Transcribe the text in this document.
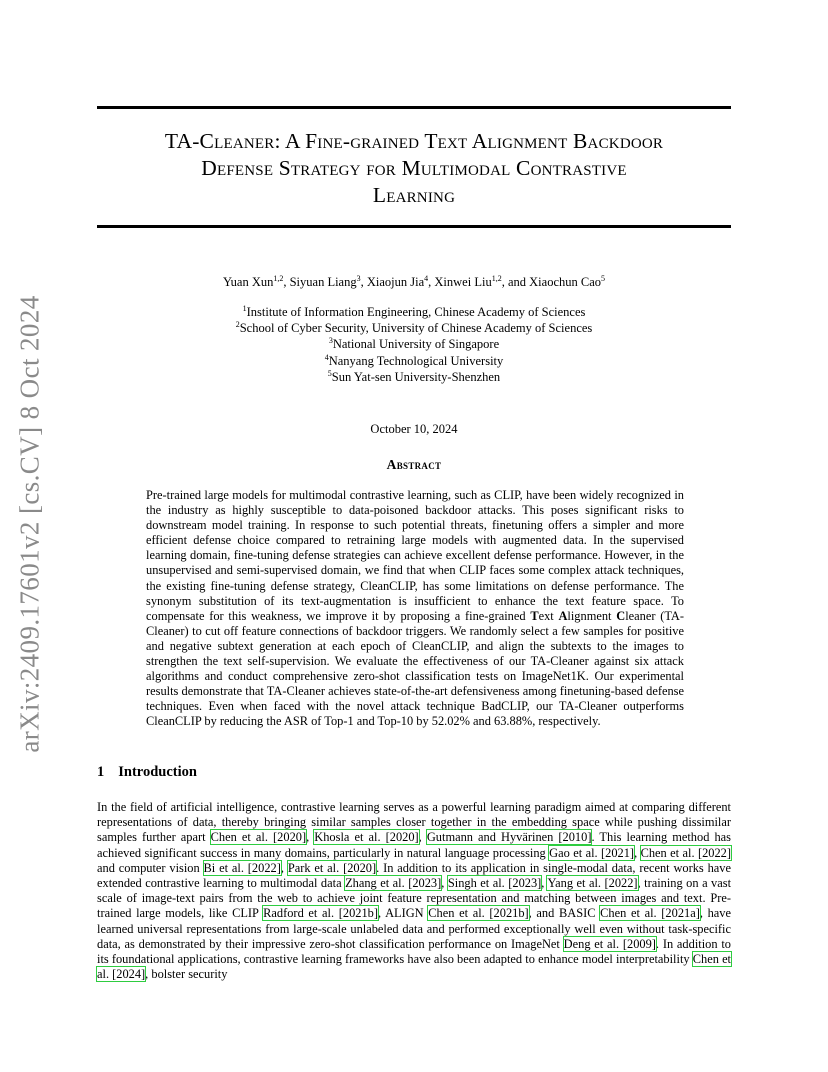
arXiv:2409.17601v2 [cs.CV] 8 Oct 2024
TA-Cleaner: A Fine-grained Text Alignment Backdoor
Defense Strategy for Multimodal Contrastive
Learning
Yuan Xun$^{1,2}$, Siyuan Liang$^3$, Xiaojun Jia$^4$, Xinwei Liu$^{1,2}$, and Xiaochun Cao$^5$
$^1$Institute of Information Engineering, Chinese Academy of Sciences
$^2$School of Cyber Security, University of Chinese Academy of Sciences
$^3$National University of Singapore
$^4$Nanyang Technological University
$^5$Sun Yat-sen University-Shenzhen
October 10, 2024
Abstract
Pre-trained large models for multimodal contrastive learning, such as CLIP, have been widely recognized in the industry as highly susceptible to data-poisoned backdoor attacks. This poses significant risks to downstream model training. In response to such potential threats, finetuning offers a simpler and more efficient defense choice compared to retraining large models with augmented data. In the supervised learning domain, fine-tuning defense strategies can achieve excellent defense performance. However, in the unsupervised and semi-supervised domain, we find that when CLIP faces some complex attack techniques, the existing fine-tuning defense strategy, CleanCLIP, has some limitations on defense performance. The synonym substitution of its text-augmentation is insufficient to enhance the text feature space. To compensate for this weakness, we improve it by proposing a fine-grained Text Alignment Cleaner (TA-Cleaner) to cut off feature connections of backdoor triggers. We randomly select a few samples for positive and negative subtext generation at each epoch of CleanCLIP, and align the subtexts to the images to strengthen the text self-supervision. We evaluate the effectiveness of our TA-Cleaner against six attack algorithms and conduct comprehensive zero-shot classification tests on ImageNet1K. Our experimental results demonstrate that TA-Cleaner achieves state-of-the-art defensiveness among finetuning-based defense techniques. Even when faced with the novel attack technique BadCLIP, our TA-Cleaner outperforms CleanCLIP by reducing the ASR of Top-1 and Top-10 by 52.02% and 63.88%, respectively.
1 Introduction
In the field of artificial intelligence, contrastive learning serves as a powerful learning paradigm aimed at comparing different representations of data, thereby bringing similar samples closer together in the embedding space while pushing dissimilar samples further apart Chen et al. [2020], Khosla et al. [2020], Gutmann and Hyvärinen [2010]. This learning method has achieved significant success in many domains, particularly in natural language processing Gao et al. [2021], Chen et al. [2022] and computer vision Bi et al. [2022], Park et al. [2020]. In addition to its application in single-modal data, recent works have extended contrastive learning to multimodal data Zhang et al. [2023], Singh et al. [2023], Yang et al. [2022], training on a vast scale of image-text pairs from the web to achieve joint feature representation and matching between images and text. Pre-trained large models, like CLIP Radford et al. [2021b], ALIGN Chen et al. [2021b], and BASIC Chen et al. [2021a], have learned universal representations from large-scale unlabeled data and performed exceptionally well even without task-specific data, as demonstrated by their impressive zero-shot classification performance on ImageNet Deng et al. [2009]. In addition to its foundational applications, contrastive learning frameworks have also been adapted to enhance model interpretability Chen et al. [2024], bolster security
